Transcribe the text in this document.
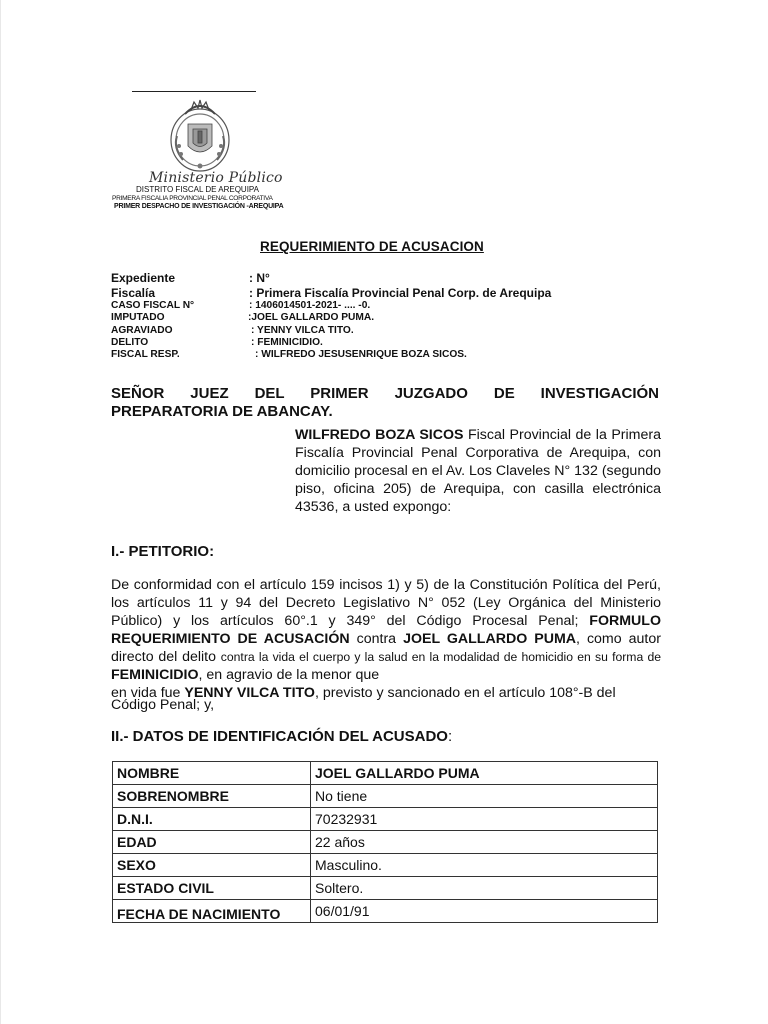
Ministerio Público
DISTRITO FISCAL DE AREQUIPA
PRIMERA FISCALIA PROVINCIAL PENAL CORPORATIVA
PRIMER DESPACHO DE INVESTIGACIÓN -AREQUIPA
REQUERIMIENTO DE ACUSACION
Expediente	: N°
Fiscalía	: Primera Fiscalía Provincial Penal Corp. de Arequipa
CASO FISCAL N°	: 1406014501-2021- .... -0.
IMPUTADO	:JOEL GALLARDO PUMA.
AGRAVIADO	: YENNY VILCA TITO.
DELITO	: FEMINICIDIO.
FISCAL RESP.	: WILFREDO JESUSENRIQUE BOZA SICOS.
SEÑOR JUEZ DEL PRIMER JUZGADO DE INVESTIGACIÓN
PREPARATORIA DE ABANCAY.
WILFREDO BOZA SICOS Fiscal Provincial de la Primera Fiscalía Provincial Penal Corporativa de Arequipa, con domicilio procesal en el Av. Los Claveles N° 132 (segundo piso, oficina 205) de Arequipa, con casilla electrónica 43536, a usted expongo:
I.- PETITORIO:
De conformidad con el artículo 159 incisos 1) y 5) de la Constitución Política del Perú, los artículos 11 y 94 del Decreto Legislativo N° 052 (Ley Orgánica del Ministerio Público) y los artículos 60°.1 y 349° del Código Procesal Penal; FORMULO REQUERIMIENTO DE ACUSACIÓN contra JOEL GALLARDO PUMA, como autor directo del delito contra la vida el cuerpo y la salud en la modalidad de homicidio en su forma de FEMINICIDIO, en agravio de la menor que
en vida fue YENNY VILCA TITO, previsto y sancionado en el artículo 108°-B del
Código Penal; y,
II.- DATOS DE IDENTIFICACIÓN DEL ACUSADO:
NOMBRE	JOEL GALLARDO PUMA
SOBRENOMBRE	No tiene
D.N.I.	70232931
EDAD	22 años
SEXO	Masculino.
ESTADO CIVIL	Soltero.
FECHA DE NACIMIENTO	06/01/91
